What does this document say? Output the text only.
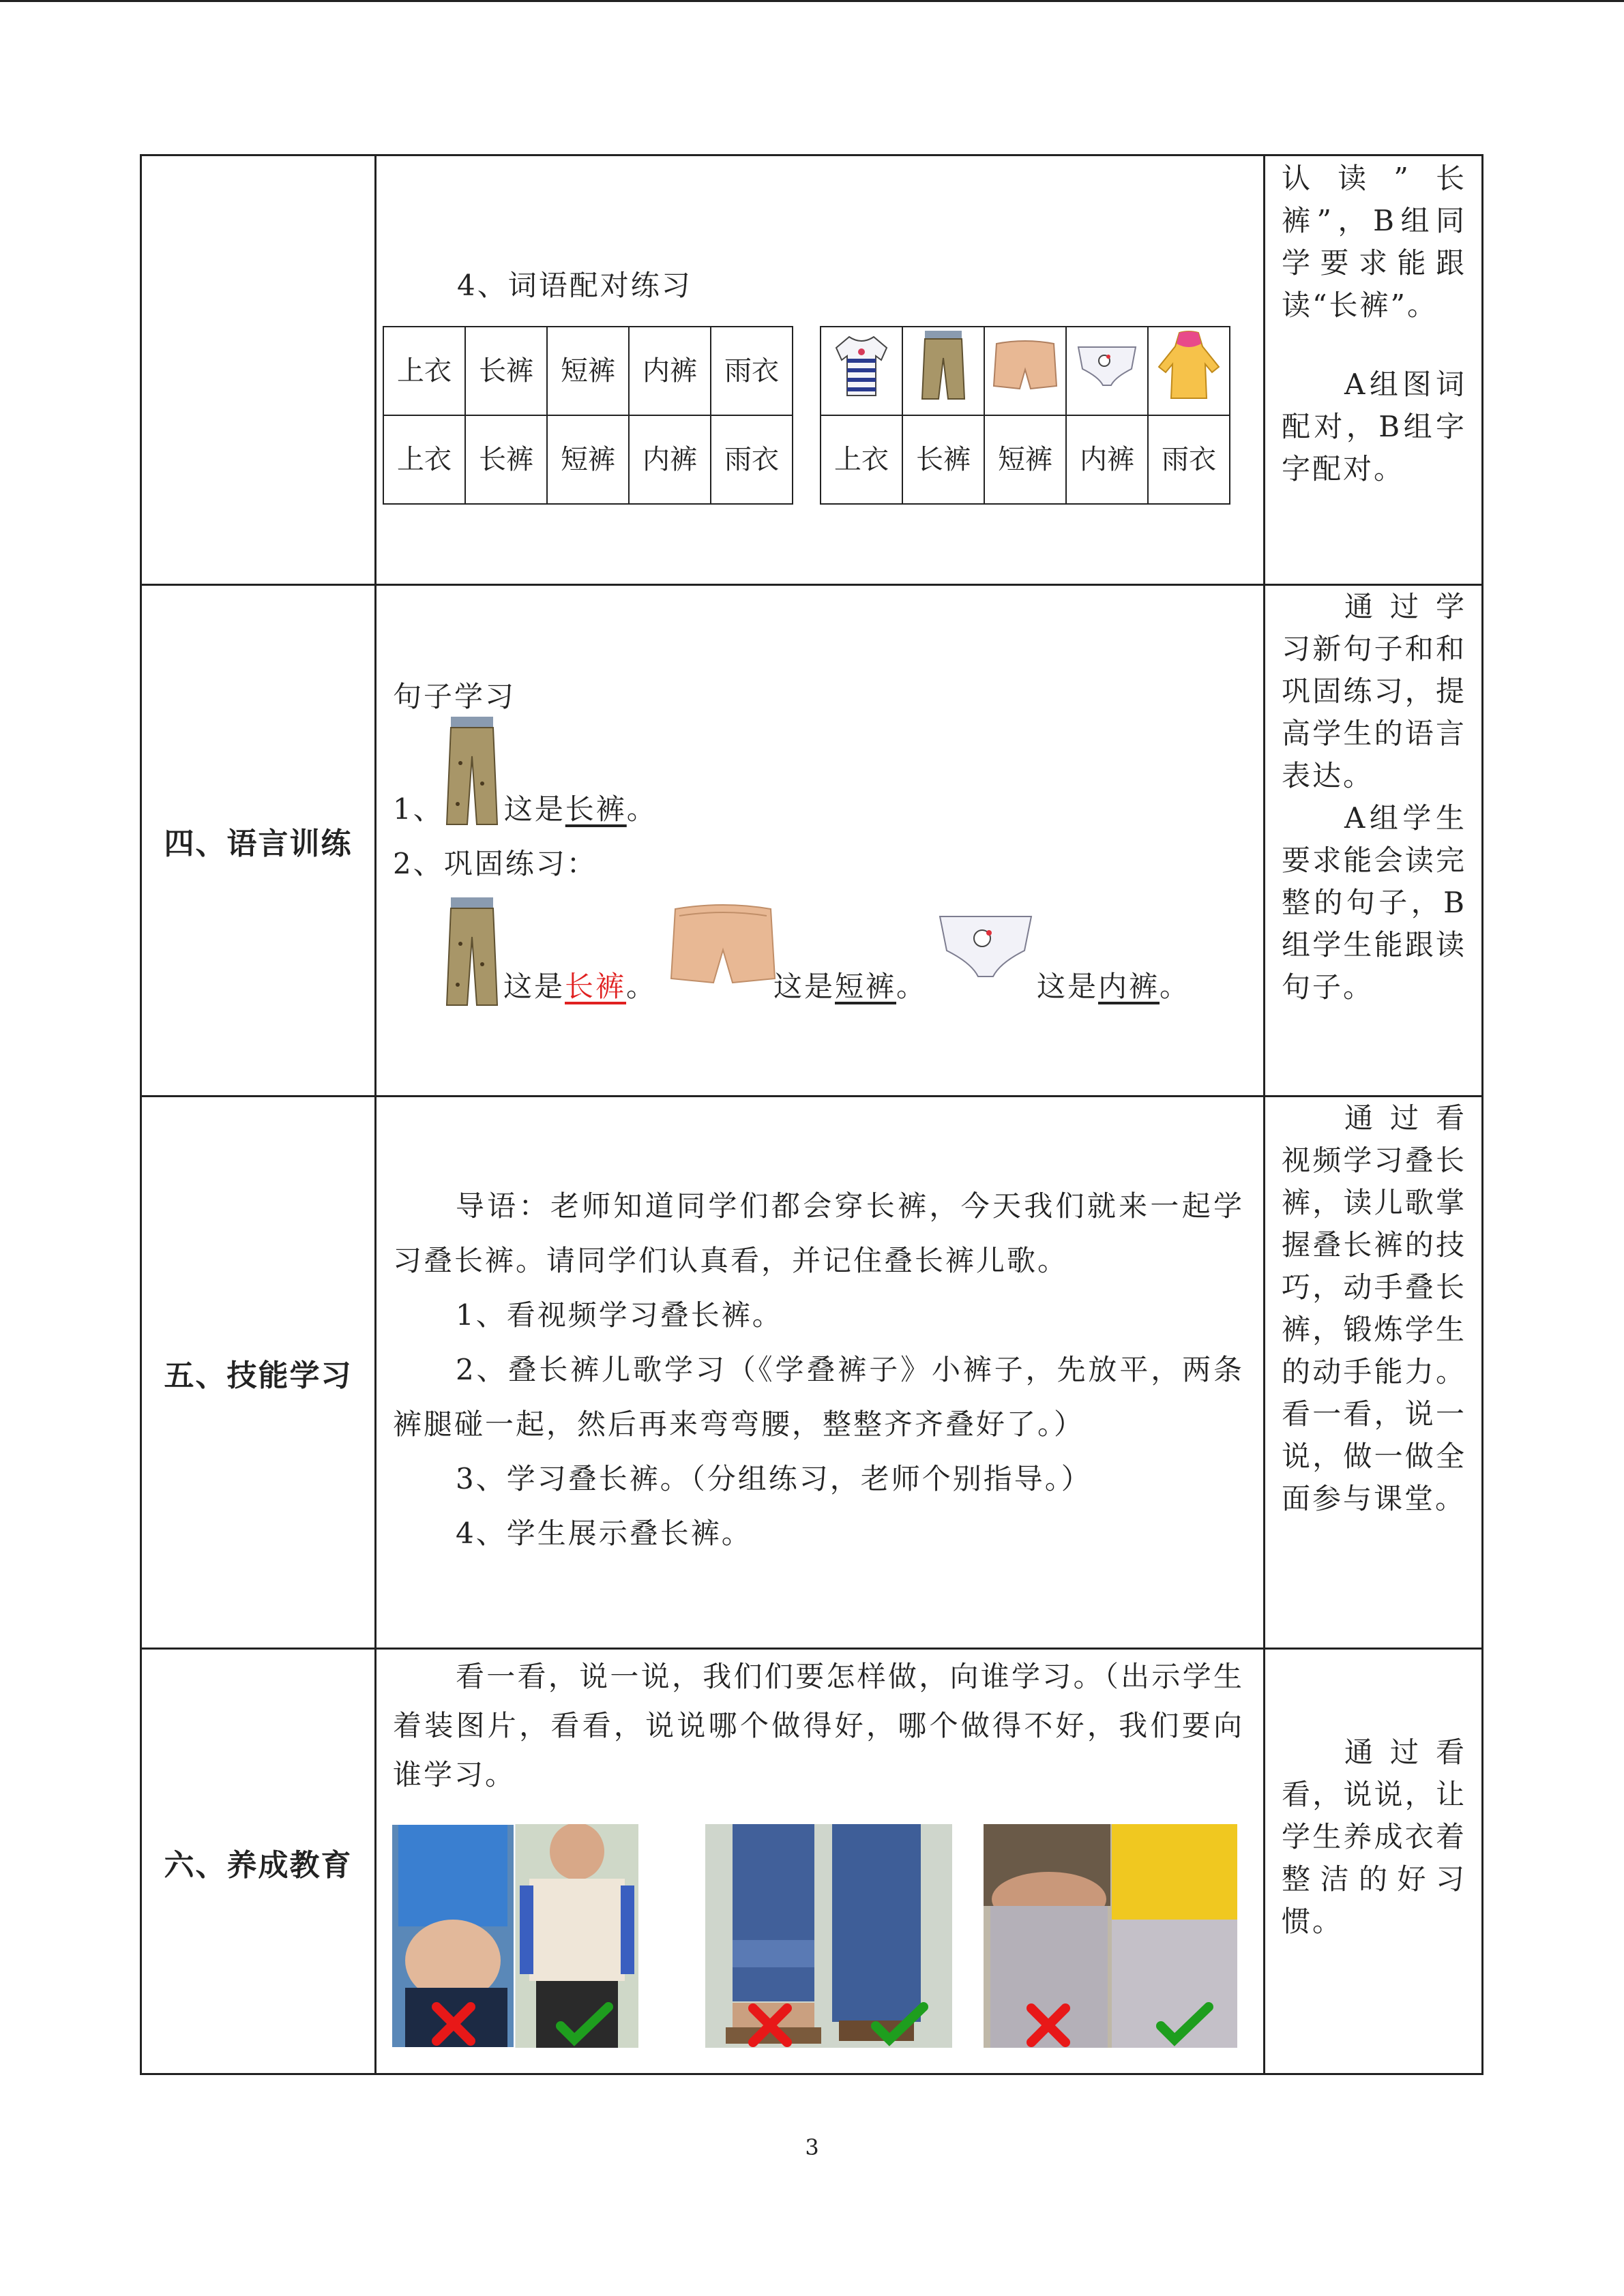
4、词语配对练习
上衣	长裤	短裤	内裤	雨衣
上衣	长裤	短裤	内裤	雨衣
				上衣	长裤	短裤	内裤	雨衣

认读”长裤”，B组同学要求能跟读“长裤”。

A组图词配对，B组字字配对。

四、语言训练
句子学习
1、 这是长裤。
2、巩固练习：
这是长裤。	这是短裤。	这是内裤。

通过学习新句子和和巩固练习，提高学生的语言表达。

A组学生要求能会读完整的句子，B组学生能跟读句子。

五、技能学习
导语：老师知道同学们都会穿长裤，今天我们就来一起学习叠长裤。请同学们认真看，并记住叠长裤儿歌。
1、看视频学习叠长裤。
2、叠长裤儿歌学习（《学叠裤子》小裤子，先放平，两条裤腿碰一起，然后再来弯弯腰，整整齐齐叠好了。）
3、学习叠长裤。（分组练习，老师个别指导。）
4、学生展示叠长裤。

通过看视频学习叠长裤，读儿歌掌握叠长裤的技巧，动手叠长裤，锻炼学生的动手能力。看一看，说一说，做一做全面参与课堂。

六、养成教育
看一看，说一说，我们们要怎样做，向谁学习。（出示学生着装图片，看看，说说哪个做得好，哪个做得不好，我们要向谁学习。

通过看看，说说，让学生养成衣着整洁的好习惯。

3
